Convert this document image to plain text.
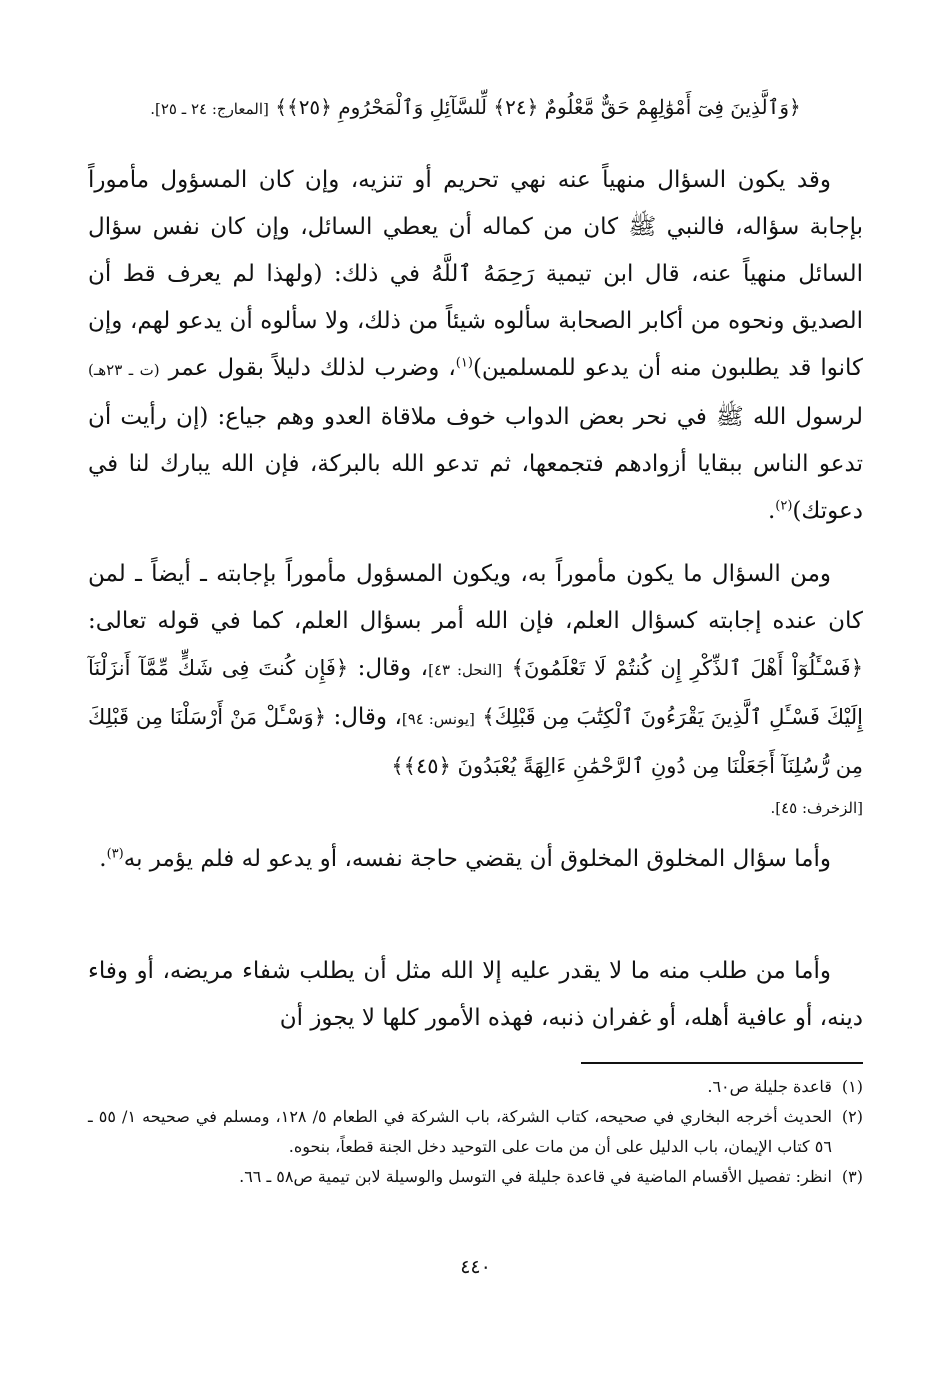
﴿وَٱلَّذِينَ فِىٓ أَمْوَٰلِهِمْ حَقٌّ مَّعْلُومٌ ﴿٢٤﴾ لِّلسَّآئِلِ وَٱلْمَحْرُومِ ﴿٢٥﴾﴾ [المعارج: ٢٤ ـ ٢٥].

وقد يكون السؤال منهياً عنه نهي تحريم أو تنزيه، وإن كان المسؤول مأموراً بإجابة سؤاله، فالنبي ﷺ كان من كماله أن يعطي السائل، وإن كان نفس سؤال السائل منهياً عنه، قال ابن تيمية رَحِمَهُ ٱللَّهُ في ذلك: (ولهذا لم يعرف قط أن الصديق ونحوه من أكابر الصحابة سألوه شيئاً من ذلك، ولا سألوه أن يدعو لهم، وإن كانوا قد يطلبون منه أن يدعو للمسلمين)$^{(١)}$، وضرب لذلك دليلاً بقول عمر (ت ـ ٢٣هـ) لرسول الله ﷺ في نحر بعض الدواب خوف ملاقاة العدو وهم جياع: (إن رأيت أن تدعو الناس ببقايا أزوادهم فتجمعها، ثم تدعو الله بالبركة، فإن الله يبارك لنا في دعوتك)$^{(٢)}$.

ومن السؤال ما يكون مأموراً به، ويكون المسؤول مأموراً بإجابته ـ أيضاً ـ لمن كان عنده إجابته كسؤال العلم، فإن الله أمر بسؤال العلم، كما في قوله تعالى: ﴿فَسْـَٔلُوٓاْ أَهْلَ ٱلذِّكْرِ إِن كُنتُمْ لَا تَعْلَمُونَ﴾ [النحل: ٤٣]، وقال: ﴿فَإِن كُنتَ فِى شَكٍّ مِّمَّآ أَنزَلْنَآ إِلَيْكَ فَسْـَٔلِ ٱلَّذِينَ يَقْرَءُونَ ٱلْكِتَٰبَ مِن قَبْلِكَ﴾ [يونس: ٩٤]، وقال: ﴿وَسْـَٔلْ مَنْ أَرْسَلْنَا مِن قَبْلِكَ مِن رُّسُلِنَآ أَجَعَلْنَا مِن دُونِ ٱلرَّحْمَٰنِ ءَالِهَةً يُعْبَدُونَ ﴿٤٥﴾﴾
[الزخرف: ٤٥].

وأما سؤال المخلوق المخلوق أن يقضي حاجة نفسه، أو يدعو له فلم يؤمر به$^{(٣)}$.

وأما من طلب منه ما لا يقدر عليه إلا الله مثل أن يطلب شفاء مريضه، أو وفاء دينه، أو عافية أهله، أو غفران ذنبه، فهذه الأمور كلها لا يجوز أن

(١)
قاعدة جليلة ص٦٠.

(٢)
الحديث أخرجه البخاري في صحيحه، كتاب الشركة، باب الشركة في الطعام ٥/ ١٢٨، ومسلم في صحيحه ١/ ٥٥ ـ ٥٦ كتاب الإيمان، باب الدليل على أن من مات على التوحيد دخل الجنة قطعاً، بنحوه.

(٣)
انظر: تفصيل الأقسام الماضية في قاعدة جليلة في التوسل والوسيلة لابن تيمية ص٥٨ ـ ٦٦.

٤٤٠
